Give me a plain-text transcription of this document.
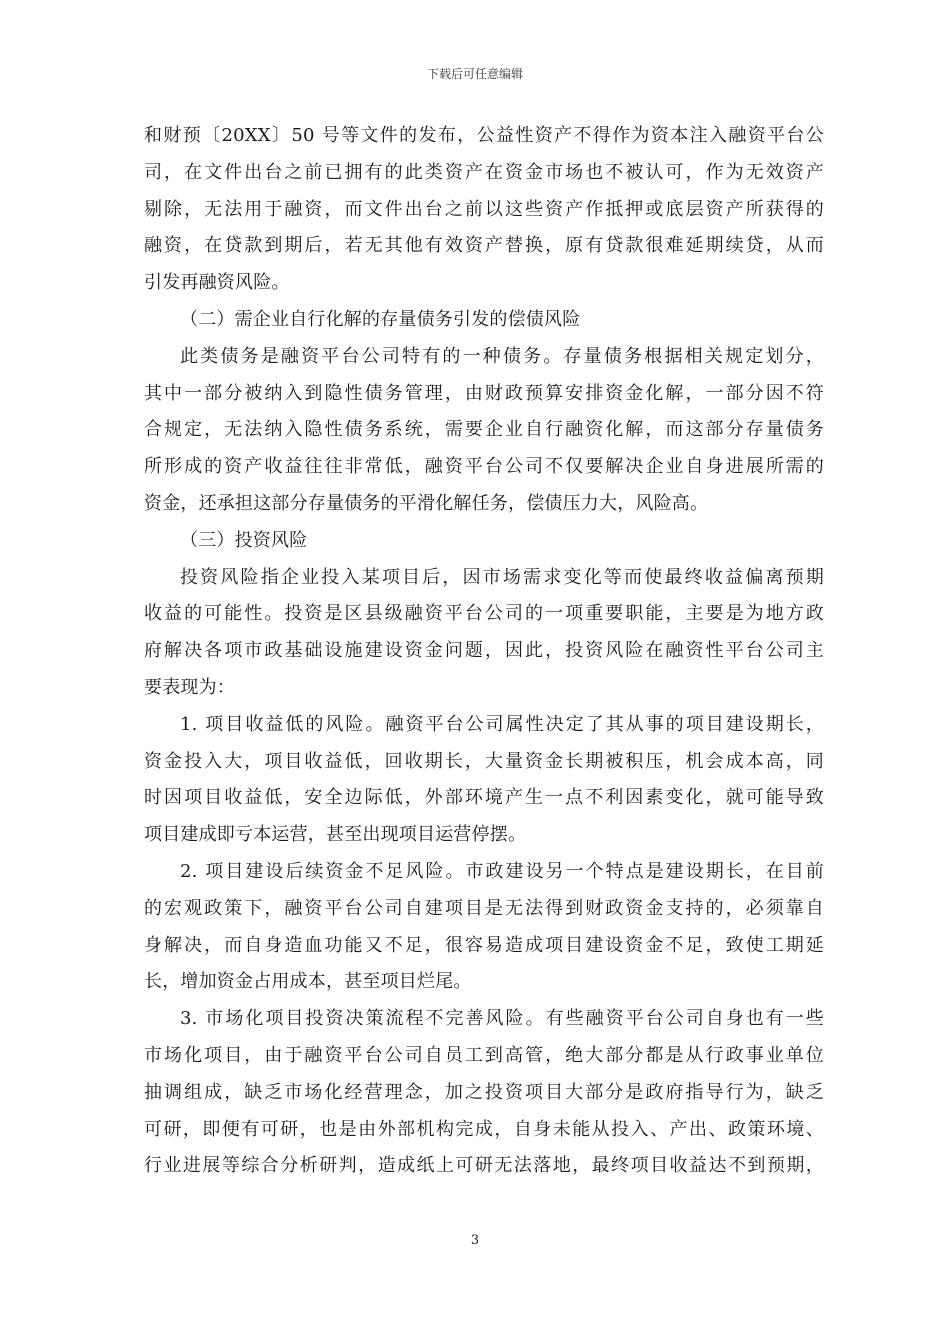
下载后可任意编辑
和财预〔20XX〕50 号等文件的发布，公益性资产不得作为资本注入融资平台公
司，在文件出台之前已拥有的此类资产在资金市场也不被认可，作为无效资产
剔除，无法用于融资，而文件出台之前以这些资产作抵押或底层资产所获得的
融资，在贷款到期后，若无其他有效资产替换，原有贷款很难延期续贷，从而
引发再融资风险。
（二）需企业自行化解的存量债务引发的偿债风险
此类债务是融资平台公司特有的一种债务。存量债务根据相关规定划分，
其中一部分被纳入到隐性债务管理，由财政预算安排资金化解，一部分因不符
合规定，无法纳入隐性债务系统，需要企业自行融资化解，而这部分存量债务
所形成的资产收益往往非常低，融资平台公司不仅要解决企业自身进展所需的
资金，还承担这部分存量债务的平滑化解任务，偿债压力大，风险高。
（三）投资风险
投资风险指企业投入某项目后，因市场需求变化等而使最终收益偏离预期
收益的可能性。投资是区县级融资平台公司的一项重要职能，主要是为地方政
府解决各项市政基础设施建设资金问题，因此，投资风险在融资性平台公司主
要表现为：
1. 项目收益低的风险。融资平台公司属性决定了其从事的项目建设期长，
资金投入大，项目收益低，回收期长，大量资金长期被积压，机会成本高，同
时因项目收益低，安全边际低，外部环境产生一点不利因素变化，就可能导致
项目建成即亏本运营，甚至出现项目运营停摆。
2. 项目建设后续资金不足风险。市政建设另一个特点是建设期长，在目前
的宏观政策下，融资平台公司自建项目是无法得到财政资金支持的，必须靠自
身解决，而自身造血功能又不足，很容易造成项目建设资金不足，致使工期延
长，增加资金占用成本，甚至项目烂尾。
3. 市场化项目投资决策流程不完善风险。有些融资平台公司自身也有一些
市场化项目，由于融资平台公司自员工到高管，绝大部分都是从行政事业单位
抽调组成，缺乏市场化经营理念，加之投资项目大部分是政府指导行为，缺乏
可研，即便有可研，也是由外部机构完成，自身未能从投入、产出、政策环境、
行业进展等综合分析研判，造成纸上可研无法落地，最终项目收益达不到预期，
3
